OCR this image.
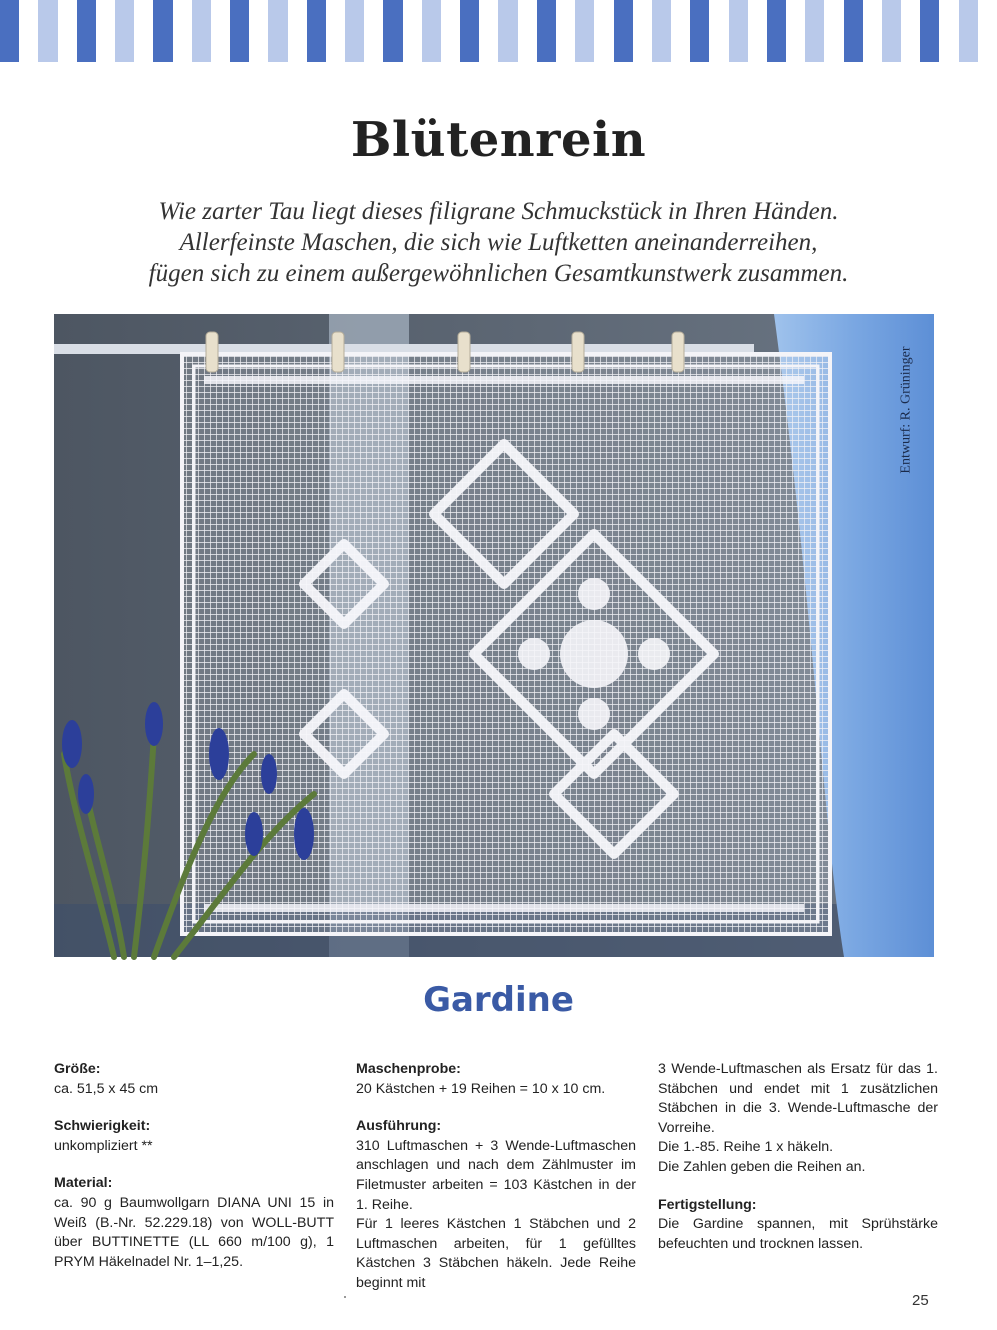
Blütenrein
Wie zarter Tau liegt dieses filigrane Schmuckstück in Ihren Händen.
Allerfeinste Maschen, die sich wie Luftketten aneinanderreihen,
fügen sich zu einem außergewöhnlichen Gesamtkunstwerk zusammen.
Entwurf: R. Grüninger
Gardine
Größe:
ca. 51,5 x 45 cm
Schwierigkeit:
unkompliziert **
Material:
ca. 90 g Baumwollgarn DIANA UNI 15 in Weiß (B.-Nr. 52.229.18) von WOLL-BUTT über BUTTINETTE (LL 660 m/100 g), 1 PRYM Häkelnadel Nr. 1–1,25.
Maschenprobe:
20 Kästchen + 19 Reihen = 10 x 10 cm.
Ausführung:
310 Luftmaschen + 3 Wende-Luftmaschen anschlagen und nach dem Zählmuster im Filetmuster arbeiten = 103 Kästchen in der 1. Reihe.
Für 1 leeres Kästchen 1 Stäbchen und 2 Luftmaschen arbeiten, für 1 gefülltes Kästchen 3 Stäbchen häkeln. Jede Reihe beginnt mit
3 Wende-Luftmaschen als Ersatz für das 1. Stäbchen und endet mit 1 zusätzlichen Stäbchen in die 3. Wende-Luftmasche der Vorreihe.
Die 1.-85. Reihe 1 x häkeln.
Die Zahlen geben die Reihen an.
Fertigstellung:
Die Gardine spannen, mit Sprühstärke befeuchten und trocknen lassen.
25
